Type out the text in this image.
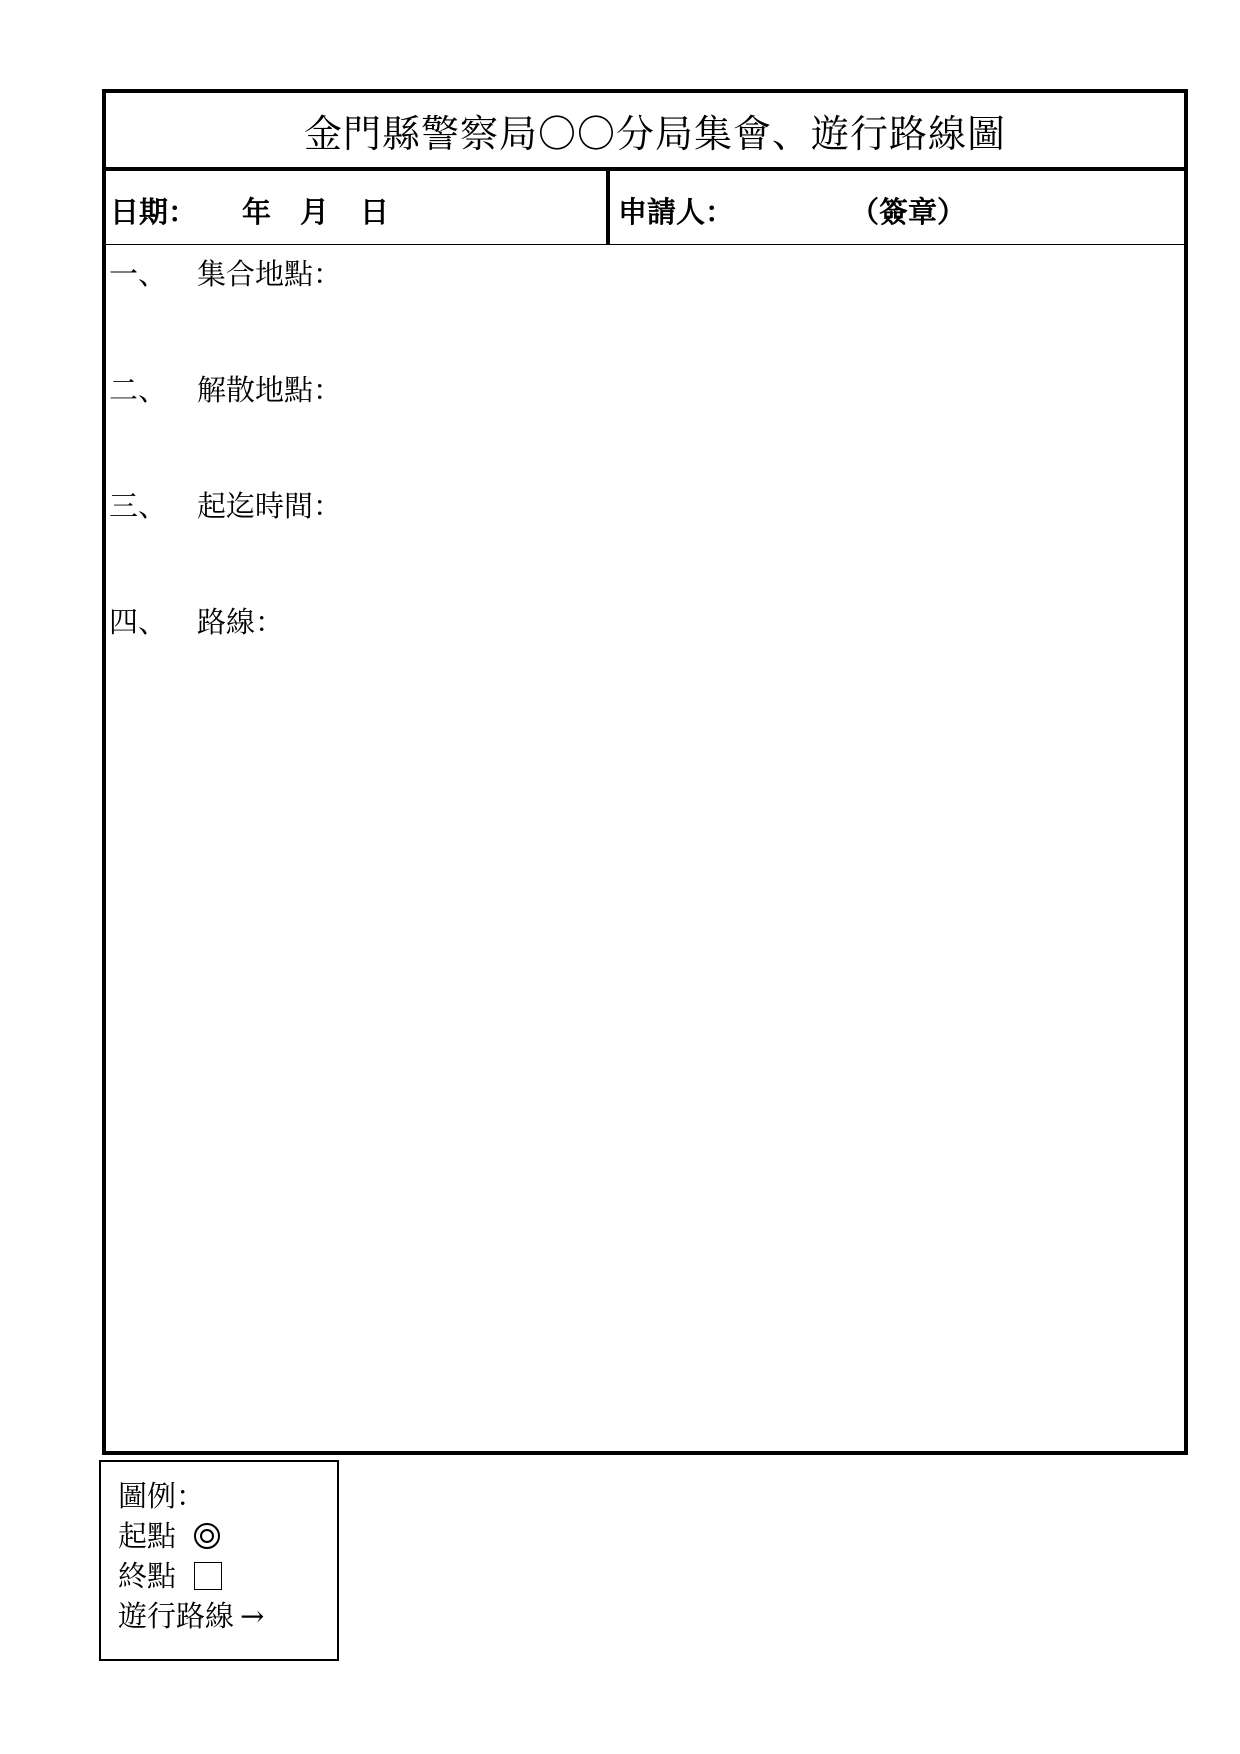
金門縣警察局〇〇分局集會、遊行路線圖
日期： 年 月 日	申請人：	（簽章）
一、 集合地點：
二、 解散地點：
三、 起迄時間：
四、 路線：
圖例：
起點
終點
遊行路線 →
